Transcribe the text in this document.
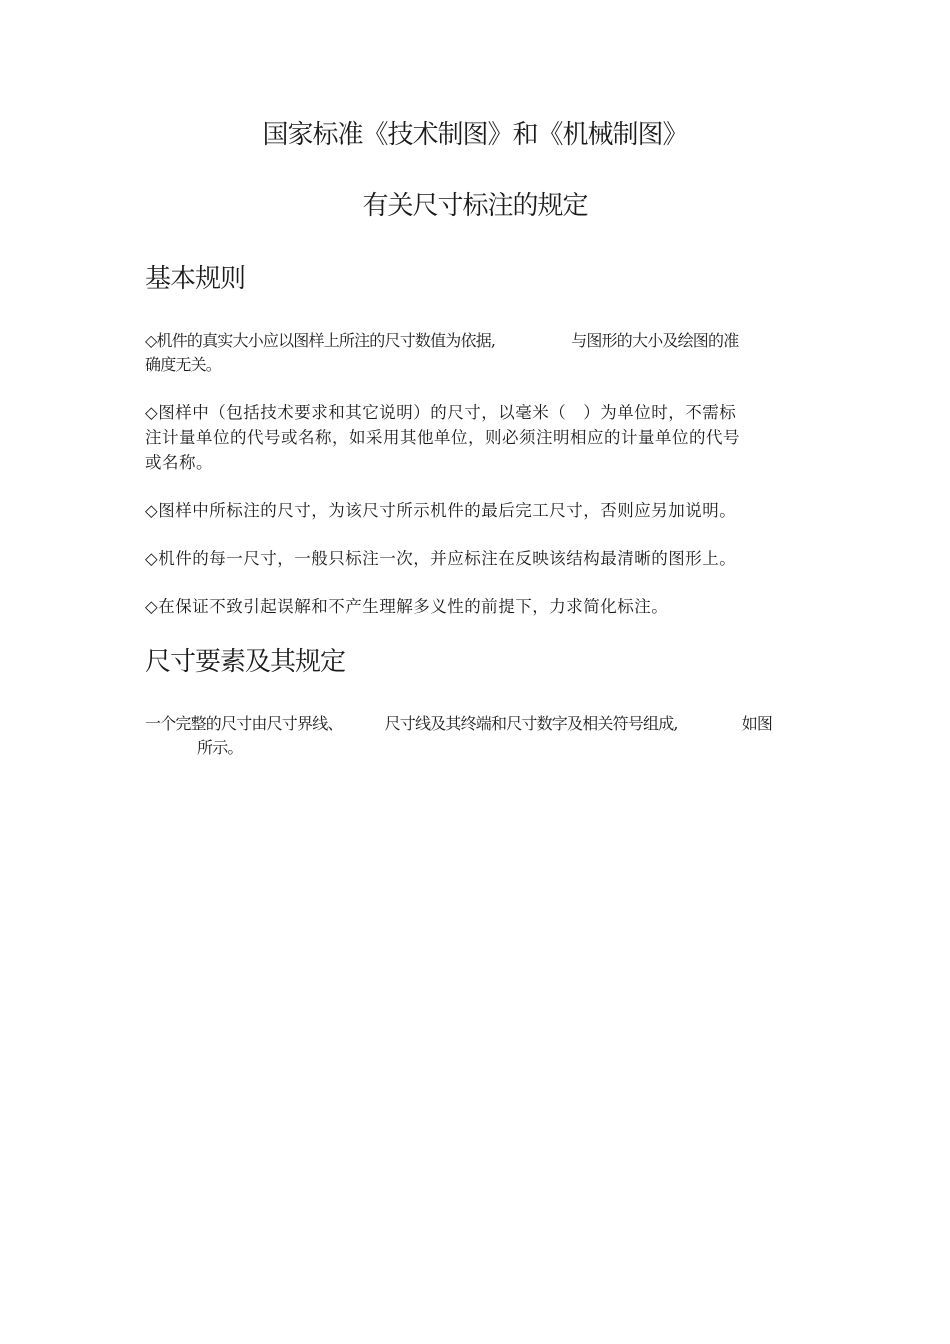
国家标准《技术制图》和《机械制图》
有关尺寸标注的规定
基本规则
◇机件的真实大小应以图样上所注的尺寸数值为依据,	与图形的大小及绘图的准
确度无关。
◇图样中（包括技术要求和其它说明）的尺寸，以毫米（　）为单位时，不需标
注计量单位的代号或名称，如采用其他单位，则必须注明相应的计量单位的代号
或名称。
◇图样中所标注的尺寸，为该尺寸所示机件的最后完工尺寸，否则应另加说明。
◇机件的每一尺寸，一般只标注一次，并应标注在反映该结构最清晰的图形上。
◇在保证不致引起误解和不产生理解多义性的前提下，力求简化标注。
尺寸要素及其规定
一个完整的尺寸由尺寸界线、	尺寸线及其终端和尺寸数字及相关符号组成,	如图
所示。
